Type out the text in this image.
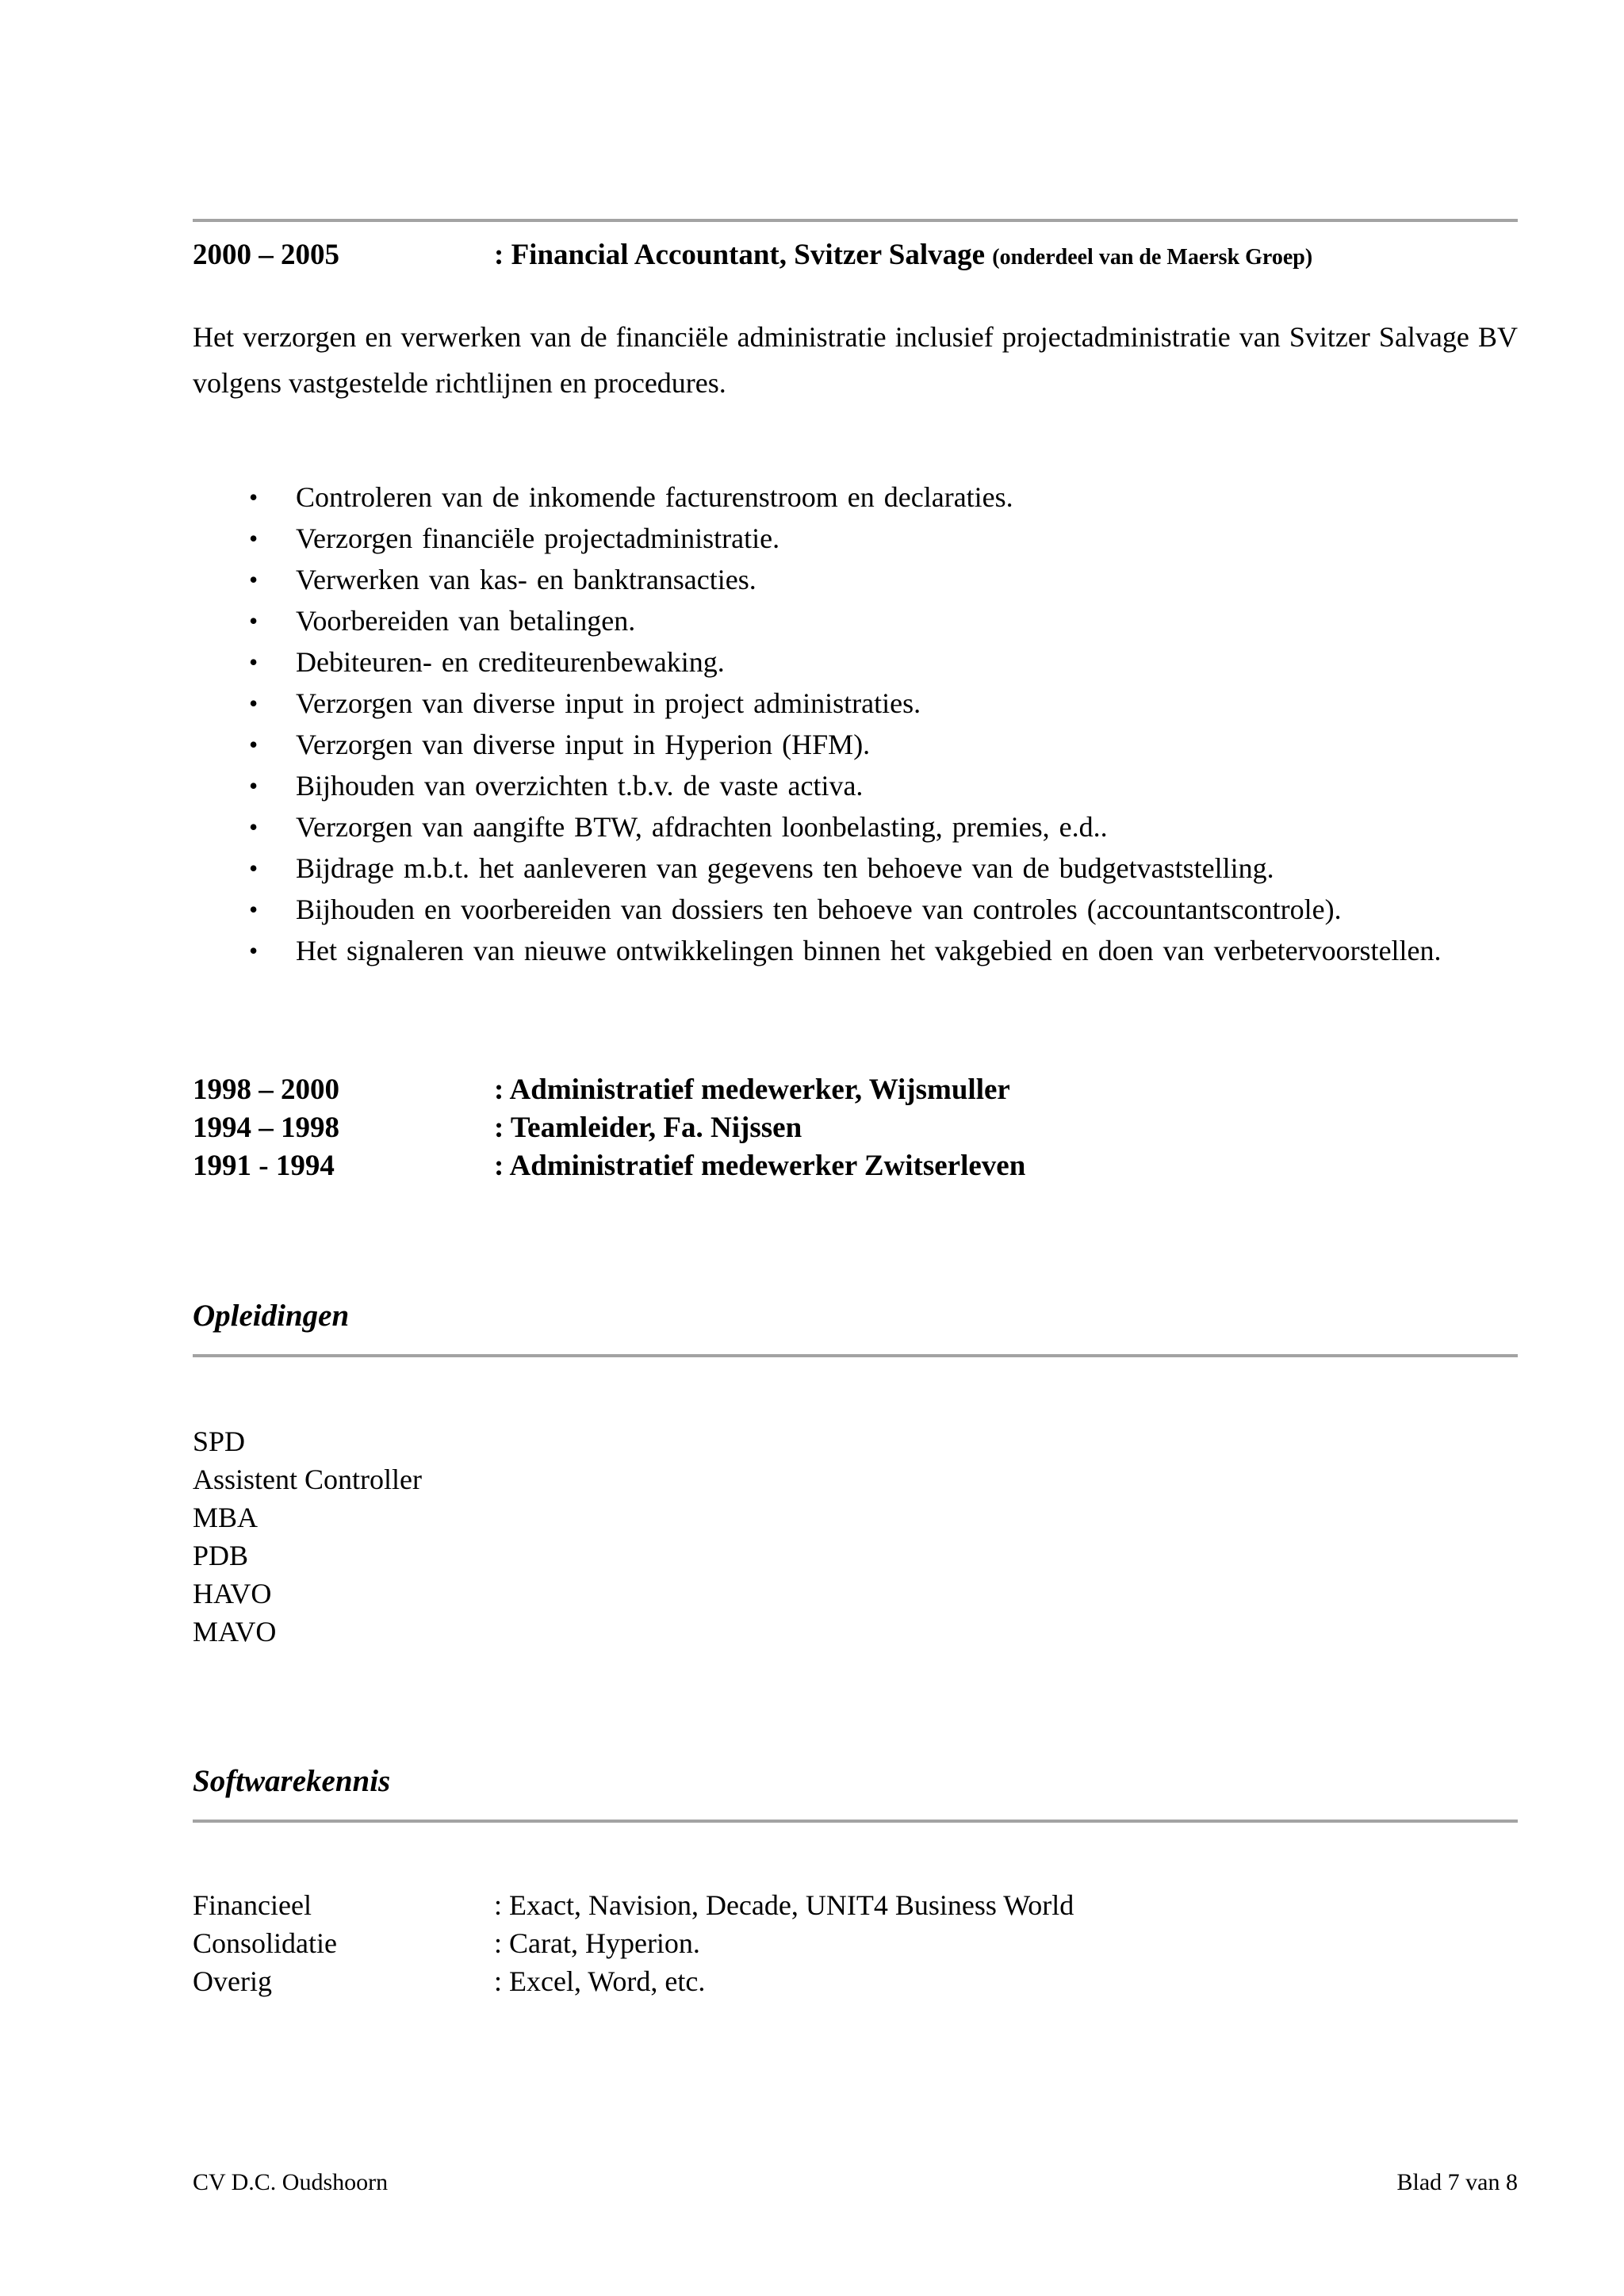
2000 – 2005	: Financial Accountant, Svitzer Salvage (onderdeel van de Maersk Groep)

Het verzorgen en verwerken van de financiële administratie inclusief projectadministratie van Svitzer Salvage BV volgens vastgestelde richtlijnen en procedures.

•	Controleren van de inkomende facturenstroom en declaraties.
•	Verzorgen financiële projectadministratie.
•	Verwerken van kas- en banktransacties.
•	Voorbereiden van betalingen.
•	Debiteuren- en crediteurenbewaking.
•	Verzorgen van diverse input in project administraties.
•	Verzorgen van diverse input in Hyperion (HFM).
•	Bijhouden van overzichten t.b.v. de vaste activa.
•	Verzorgen van aangifte BTW, afdrachten loonbelasting, premies, e.d..
•	Bijdrage m.b.t. het aanleveren van gegevens ten behoeve van de budgetvaststelling.
•	Bijhouden en voorbereiden van dossiers ten behoeve van controles (accountantscontrole).
•	Het signaleren van nieuwe ontwikkelingen binnen het vakgebied en doen van verbetervoorstellen.
1998 – 2000	: Administratief medewerker, Wijsmuller
1994 – 1998	: Teamleider, Fa. Nijssen
1991 - 1994	: Administratief medewerker Zwitserleven
Opleidingen
SPD
Assistent Controller
MBA
PDB
HAVO
MAVO
Softwarekennis
Financieel	: Exact, Navision, Decade, UNIT4 Business World
Consolidatie	: Carat, Hyperion.
Overig	: Excel, Word, etc.
CV D.C. Oudshoorn	Blad 7 van 8
